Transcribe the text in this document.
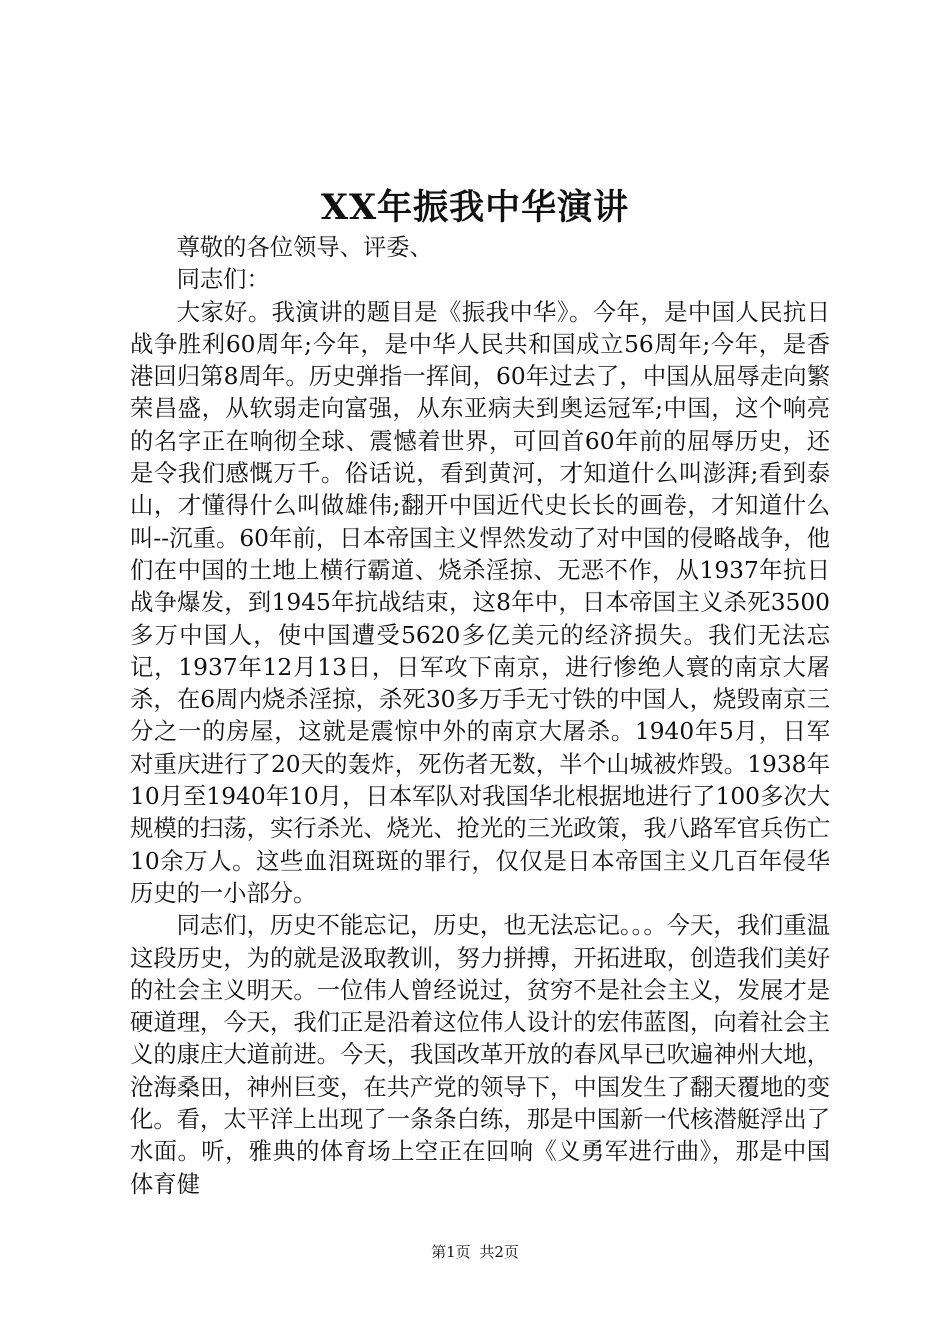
XX年振我中华演讲

尊敬的各位领导、评委、

同志们：

大家好。我演讲的题目是《振我中华》。今年，是中国人民抗日战争胜利60周年;今年，是中华人民共和国成立56周年;今年，是香港回归第8周年。历史弹指一挥间，60年过去了，中国从屈辱走向繁荣昌盛，从软弱走向富强，从东亚病夫到奥运冠军;中国，这个响亮的名字正在响彻全球、震憾着世界，可回首60年前的屈辱历史，还是令我们感慨万千。俗话说，看到黄河，才知道什么叫澎湃;看到泰山，才懂得什么叫做雄伟;翻开中国近代史长长的画卷，才知道什么叫--沉重。60年前，日本帝国主义悍然发动了对中国的侵略战争，他们在中国的土地上横行霸道、烧杀淫掠、无恶不作，从1937年抗日战争爆发，到1945年抗战结束，这8年中，日本帝国主义杀死3500多万中国人，使中国遭受5620多亿美元的经济损失。我们无法忘记，1937年12月13日，日军攻下南京，进行惨绝人寰的南京大屠杀，在6周内烧杀淫掠，杀死30多万手无寸铁的中国人，烧毁南京三分之一的房屋，这就是震惊中外的南京大屠杀。1940年5月，日军对重庆进行了20天的轰炸，死伤者无数，半个山城被炸毁。1938年10月至1940年10月，日本军队对我国华北根据地进行了100多次大规模的扫荡，实行杀光、烧光、抢光的三光政策，我八路军官兵伤亡10余万人。这些血泪斑斑的罪行，仅仅是日本帝国主义几百年侵华历史的一小部分。

同志们，历史不能忘记，历史，也无法忘记。。。今天，我们重温这段历史，为的就是汲取教训，努力拼搏，开拓进取，创造我们美好的社会主义明天。一位伟人曾经说过，贫穷不是社会主义，发展才是硬道理，今天，我们正是沿着这位伟人设计的宏伟蓝图，向着社会主义的康庄大道前进。今天，我国改革开放的春风早已吹遍神州大地，沧海桑田，神州巨变，在共产党的领导下，中国发生了翻天覆地的变化。看，太平洋上出现了一条条白练，那是中国新一代核潜艇浮出了水面。听，雅典的体育场上空正在回响《义勇军进行曲》，那是中国体育健

第1页 共2页
